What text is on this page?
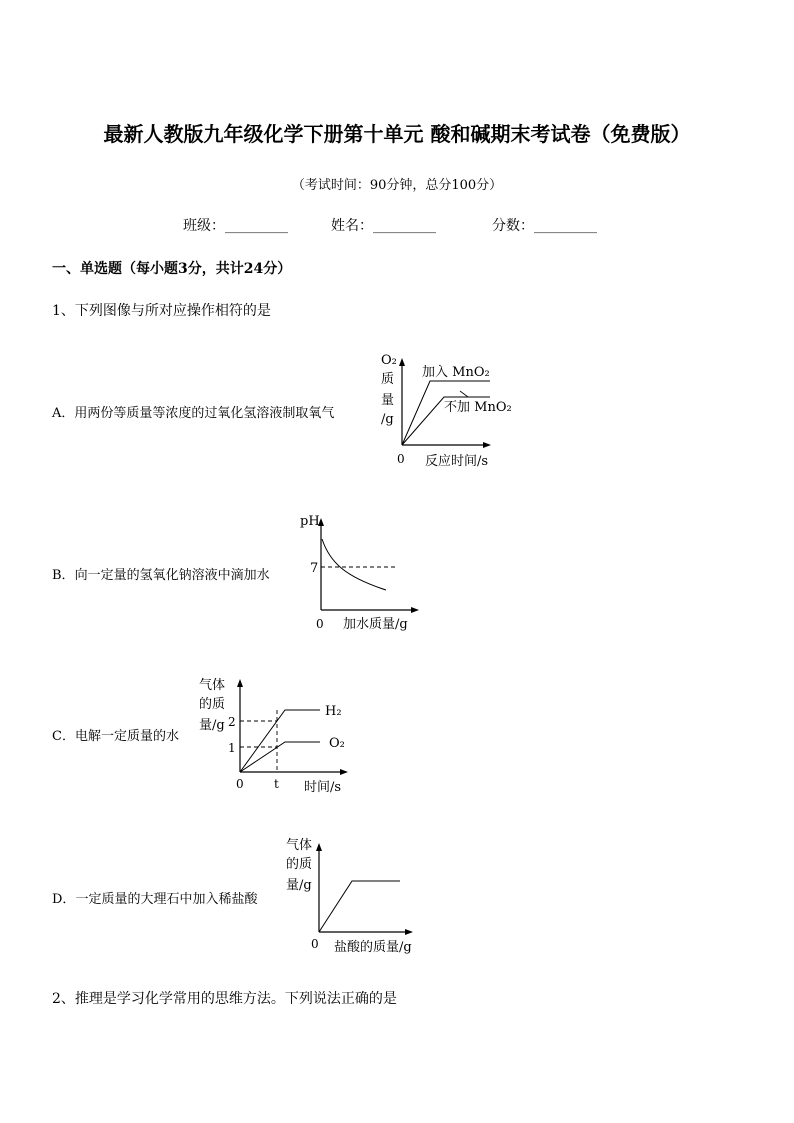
最新人教版九年级化学下册第十单元 酸和碱期末考试卷（免费版）
（考试时间：90分钟，总分100分）
班级：_________	姓名：_________	分数：_________
一、单选题（每小题3分，共计24分）
1、下列图像与所对应操作相符的是
A．用两份等质量等浓度的过氧化氢溶液制取氧气
O₂
质
量
/g
加入 MnO₂
不加 MnO₂
0 反应时间/s
B．向一定量的氢氧化钠溶液中滴加水
pH
7
0 加水质量/g
C．电解一定质量的水
气体
的质
量/g
H₂
O₂
2
1
0	t 时间/s
D．一定质量的大理石中加入稀盐酸
气体
的质
量/g
0 盐酸的质量/g
2、推理是学习化学常用的思维方法。下列说法正确的是
